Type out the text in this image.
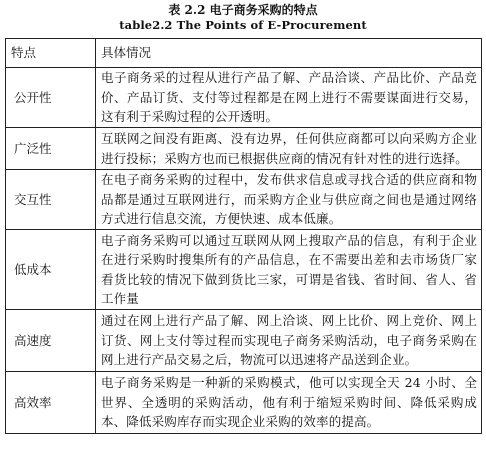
表 2.2 电子商务采购的特点
table2.2 The Points of E-Procurement
特点	具体情况
公开性	电子商务采的过程从进行产品了解、产品洽谈、产品比价、产品竞价、产品订货、支付等过程都是在网上进行不需要谋面进行交易，这有利于采购过程的公开透明。
广泛性	互联网之间没有距离、没有边界，任何供应商都可以向采购方企业进行投标；采购方也而已根据供应商的情况有针对性的进行选择。
交互性	在电子商务采购的过程中，发布供求信息或寻找合适的供应商和物品都是通过互联网进行，而采购方企业与供应商之间也是通过网络方式进行信息交流，方便快速、成本低廉。
低成本	电子商务采购可以通过互联网从网上搜取产品的信息，有利于企业在进行采购时搜集所有的产品信息，在不需要出差和去市场货厂家看货比较的情况下做到货比三家，可谓是省钱、省时间、省人、省工作量
高速度	通过在网上进行产品了解、网上洽谈、网上比价、网上竞价、网上订货、网上支付等过程而实现电子商务采购活动，电子商务采购在网上进行产品交易之后，物流可以迅速将产品送到企业。
高效率	电子商务采购是一种新的采购模式，他可以实现全天 24 小时、全世界、全透明的采购活动，他有利于缩短采购时间、降低采购成本、降低采购库存而实现企业采购的效率的提高。
